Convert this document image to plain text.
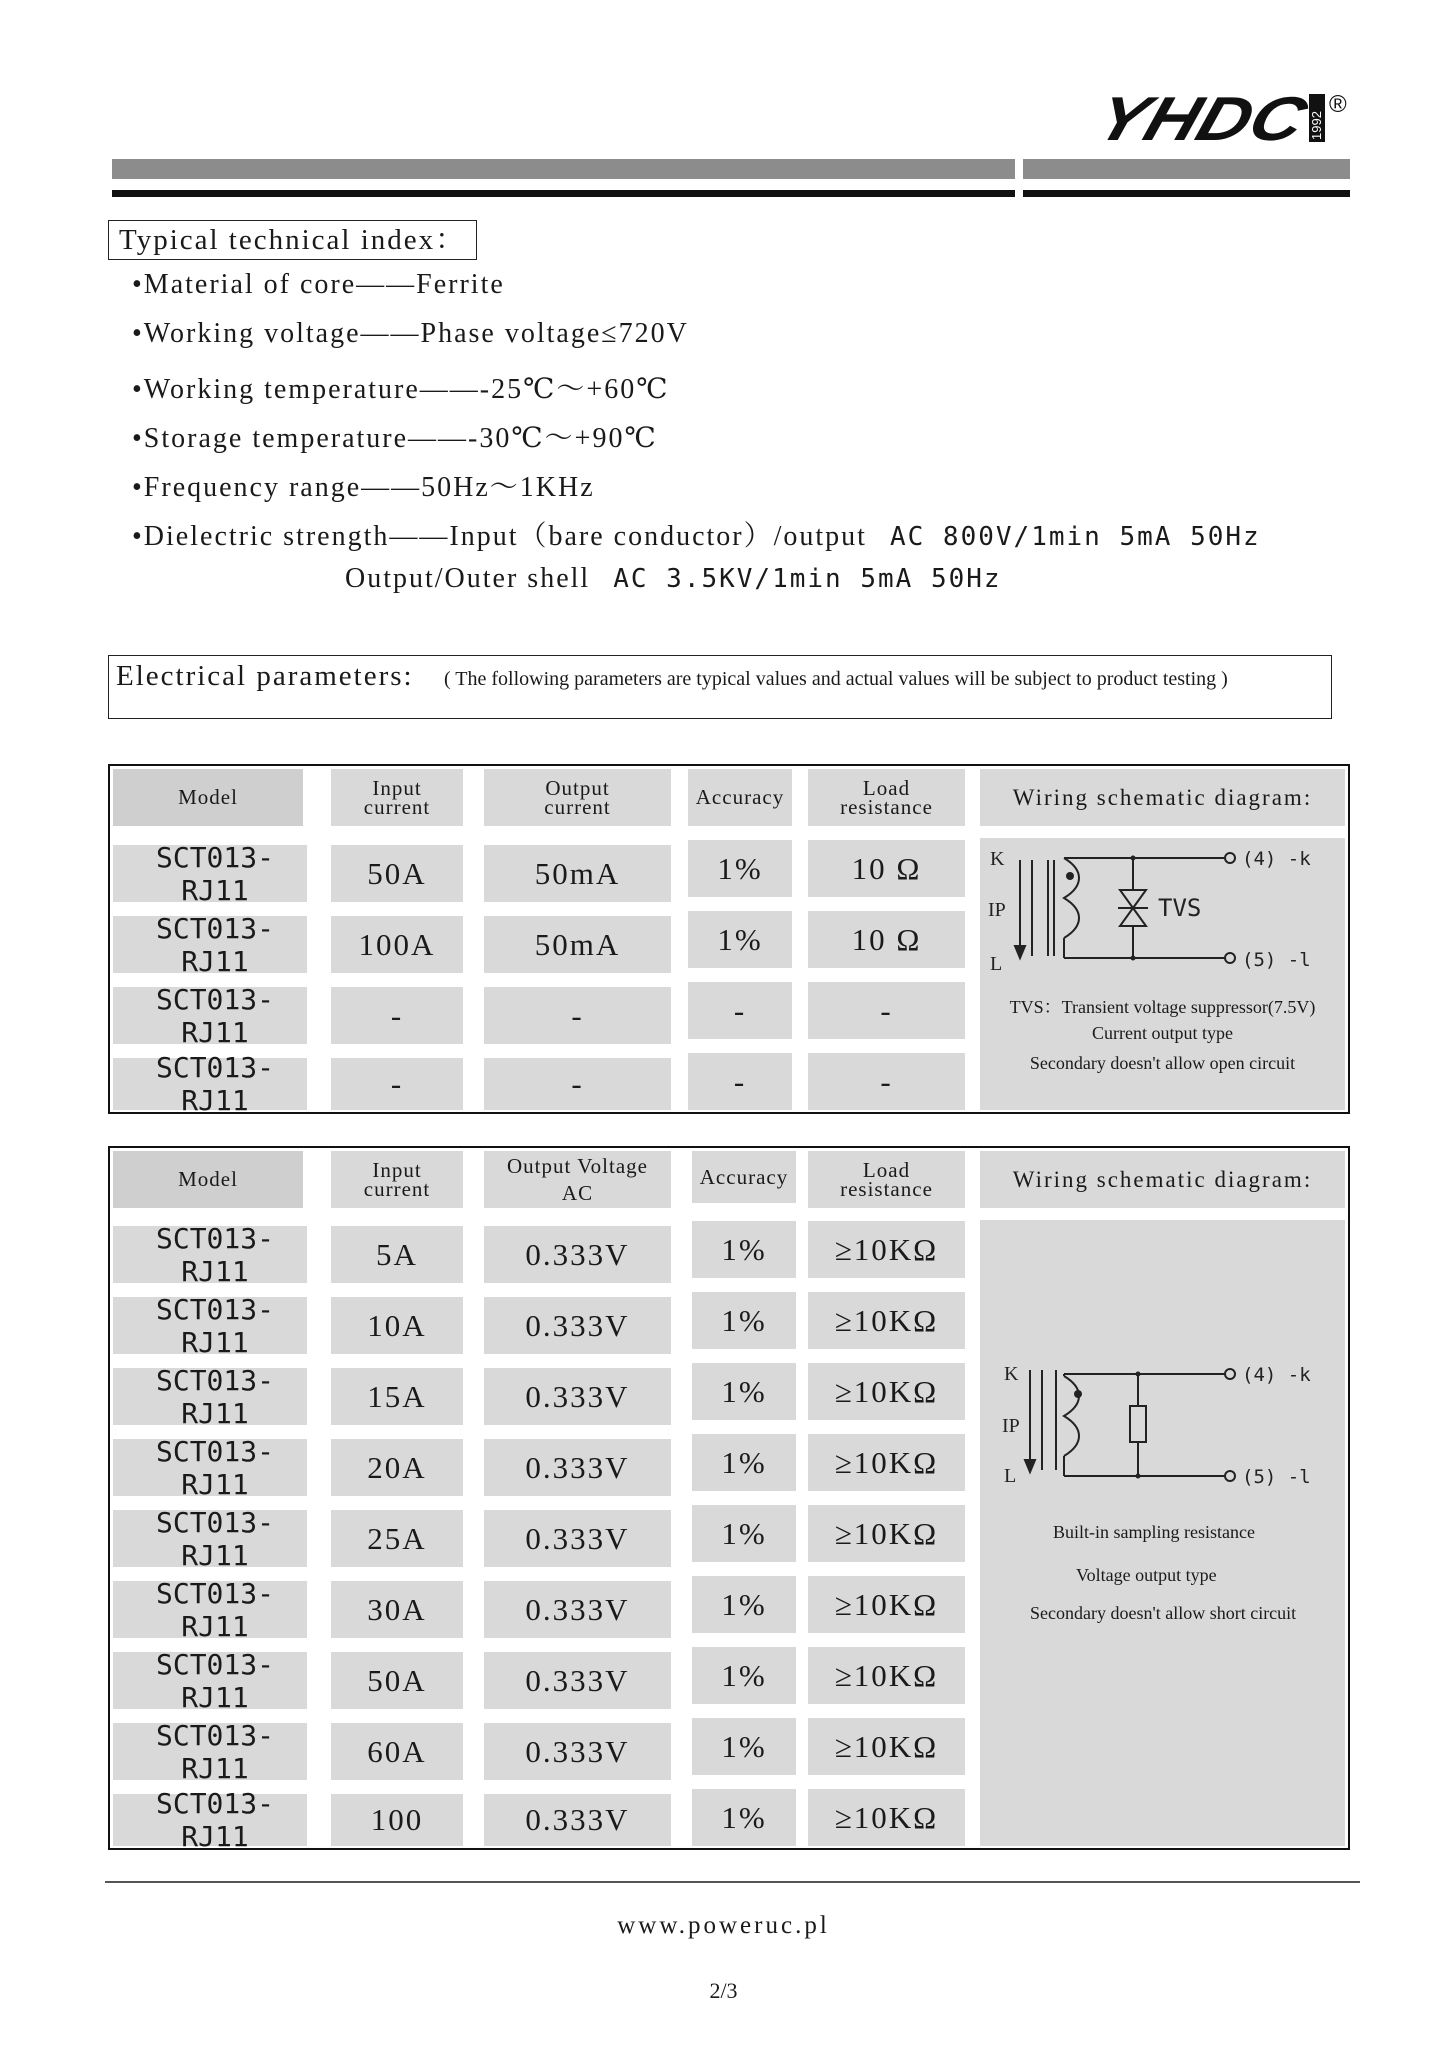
YHDC	1992
®
Typical technical index：
•Material of core——Ferrite
•Working voltage——Phase voltage≤720V
•Working temperature——-25℃～+60℃
•Storage temperature——-30℃～+90℃
•Frequency range——50Hz～1KHz
•Dielectric strength——Input（bare conductor）/output AC 800V/1min 5mA 50Hz
Output/Outer shell AC 3.5KV/1min 5mA 50Hz
Electrical parameters: ( The following parameters are typical values and actual values will be subject to product testing )
Model	Input
current
Output
current	Accuracy	Load
resistance	Wiring schematic diagram:
SCT013-RJ11	50A	50mA	1%	10 Ω
SCT013-RJ11	100A	50mA	1%	10 Ω
SCT013-RJ11	-	-	-	-
SCT013-RJ11	-	-	-	-
K
IP
L
TVS
(4) -k
(5) -l
TVS：Transient voltage suppressor(7.5V)
Current output type
Secondary doesn't allow open circuit
Model	Input
current
Output Voltage
AC
Accuracy	Load
resistance	Wiring schematic diagram:
SCT013-RJ11	5A	0.333V	1%	≥10KΩ
SCT013-RJ11	10A	0.333V	1%	≥10KΩ
SCT013-RJ11	15A	0.333V	1%	≥10KΩ
SCT013-RJ11	20A	0.333V	1%	≥10KΩ
SCT013-RJ11	25A	0.333V	1%	≥10KΩ
SCT013-RJ11	30A	0.333V	1%	≥10KΩ
SCT013-RJ11	50A	0.333V	1%	≥10KΩ
SCT013-RJ11	60A	0.333V	1%	≥10KΩ
SCT013-RJ11	100	0.333V	1%	≥10KΩ
K
IP
L
(4) -k
(5) -l
Built-in sampling resistance
Voltage output type
Secondary doesn't allow short circuit
www.poweruc.pl
2/3
